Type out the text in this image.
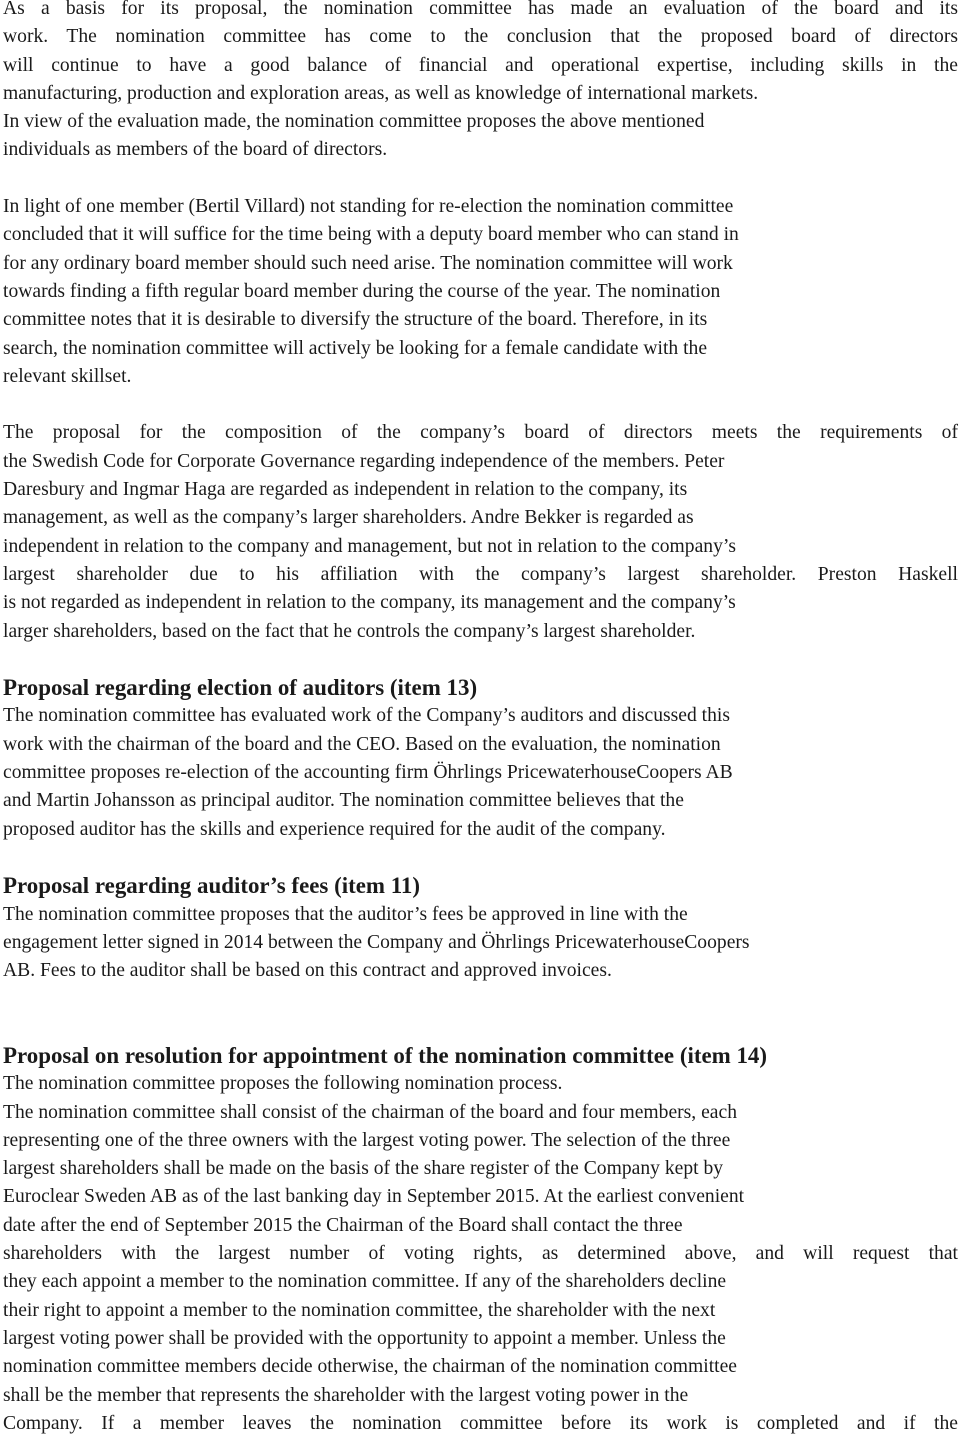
As a basis for its proposal, the nomination committee has made an evaluation of the board and its
work. The nomination committee has come to the conclusion that the proposed board of directors
will continue to have a good balance of financial and operational expertise, including skills in the
manufacturing, production and exploration areas, as well as knowledge of international markets.
In view of the evaluation made, the nomination committee proposes the above mentioned
individuals as members of the board of directors.

In light of one member (Bertil Villard) not standing for re-election the nomination committee
concluded that it will suffice for the time being with a deputy board member who can stand in
for any ordinary board member should such need arise. The nomination committee will work
towards finding a fifth regular board member during the course of the year. The nomination
committee notes that it is desirable to diversify the structure of the board. Therefore, in its
search, the nomination committee will actively be looking for a female candidate with the
relevant skillset.

The proposal for the composition of the company’s board of directors meets the requirements of
the Swedish Code for Corporate Governance regarding independence of the members. Peter
Daresbury and Ingmar Haga are regarded as independent in relation to the company, its
management, as well as the company’s larger shareholders. Andre Bekker is regarded as
independent in relation to the company and management, but not in relation to the company’s
largest shareholder due to his affiliation with the company’s largest shareholder. Preston Haskell
is not regarded as independent in relation to the company, its management and the company’s
larger shareholders, based on the fact that he controls the company’s largest shareholder.

Proposal regarding election of auditors (item 13)

The nomination committee has evaluated work of the Company’s auditors and discussed this
work with the chairman of the board and the CEO. Based on the evaluation, the nomination
committee proposes re-election of the accounting firm Öhrlings PricewaterhouseCoopers AB
and Martin Johansson as principal auditor. The nomination committee believes that the
proposed auditor has the skills and experience required for the audit of the company.

Proposal regarding auditor’s fees (item 11)

The nomination committee proposes that the auditor’s fees be approved in line with the
engagement letter signed in 2014 between the Company and Öhrlings PricewaterhouseCoopers
AB. Fees to the auditor shall be based on this contract and approved invoices.

Proposal on resolution for appointment of the nomination committee (item 14)

The nomination committee proposes the following nomination process.

The nomination committee shall consist of the chairman of the board and four members, each
representing one of the three owners with the largest voting power. The selection of the three
largest shareholders shall be made on the basis of the share register of the Company kept by
Euroclear Sweden AB as of the last banking day in September 2015. At the earliest convenient
date after the end of September 2015 the Chairman of the Board shall contact the three
shareholders with the largest number of voting rights, as determined above, and will request that
they each appoint a member to the nomination committee. If any of the shareholders decline
their right to appoint a member to the nomination committee, the shareholder with the next
largest voting power shall be provided with the opportunity to appoint a member. Unless the
nomination committee members decide otherwise, the chairman of the nomination committee
shall be the member that represents the shareholder with the largest voting power in the
Company. If a member leaves the nomination committee before its work is completed and if the
